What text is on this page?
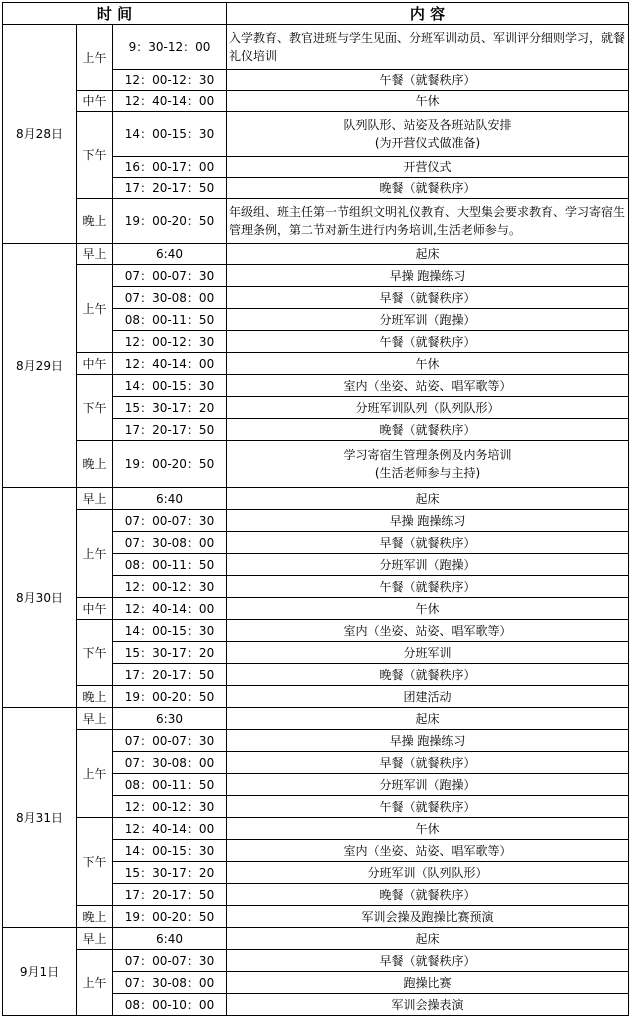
时 间			内 容
8月28日	上午	9：30-12：00	入学教育、教官进班与学生见面、分班军训动员、军训评分细则学习，就餐礼仪培训
		12：00-12：30	午餐（就餐秩序）
	中午	12：40-14：00	午休
	下午	14：00-15：30	队列队形、站姿及各班站队安排
(为开营仪式做准备)
		16：00-17：00	开营仪式
		17：20-17：50	晚餐（就餐秩序）
	晚上	19：00-20：50	年级组、班主任第一节组织文明礼仪教育、大型集会要求教育、学习寄宿生管理条例，第二节对新生进行内务培训,生活老师参与。
8月29日	早上	6:40	起床
	上午	07：00-07：30	早操 跑操练习
		07：30-08：00	早餐（就餐秩序）
		08：00-11：50	分班军训（跑操）
		12：00-12：30	午餐（就餐秩序）
	中午	12：40-14：00	午休
	下午	14：00-15：30	室内（坐姿、站姿、唱军歌等）
		15：30-17：20	分班军训队列（队列队形）
		17：20-17：50	晚餐（就餐秩序）
	晚上	19：00-20：50	学习寄宿生管理条例及内务培训
(生活老师参与主持)
8月30日	早上	6:40	起床
	上午	07：00-07：30	早操 跑操练习
		07：30-08：00	早餐（就餐秩序）
		08：00-11：50	分班军训（跑操）
		12：00-12：30	午餐（就餐秩序）
	中午	12：40-14：00	午休
	下午	14：00-15：30	室内（坐姿、站姿、唱军歌等）
		15：30-17：20	分班军训
		17：20-17：50	晚餐（就餐秩序）
	晚上	19：00-20：50	团建活动
8月31日	早上	6:30	起床
	上午	07：00-07：30	早操 跑操练习
		07：30-08：00	早餐（就餐秩序）
		08：00-11：50	分班军训（跑操）
		12：00-12：30	午餐（就餐秩序）
	下午	12：40-14：00	午休
		14：00-15：30	室内（坐姿、站姿、唱军歌等）
		15：30-17：20	分班军训（队列队形）
		17：20-17：50	晚餐（就餐秩序）
	晚上	19：00-20：50	军训会操及跑操比赛预演
9月1日	早上	6:40	起床
	上午	07：00-07：30	早餐（就餐秩序）
		07：30-08：00	跑操比赛
		08：00-10：00	军训会操表演
